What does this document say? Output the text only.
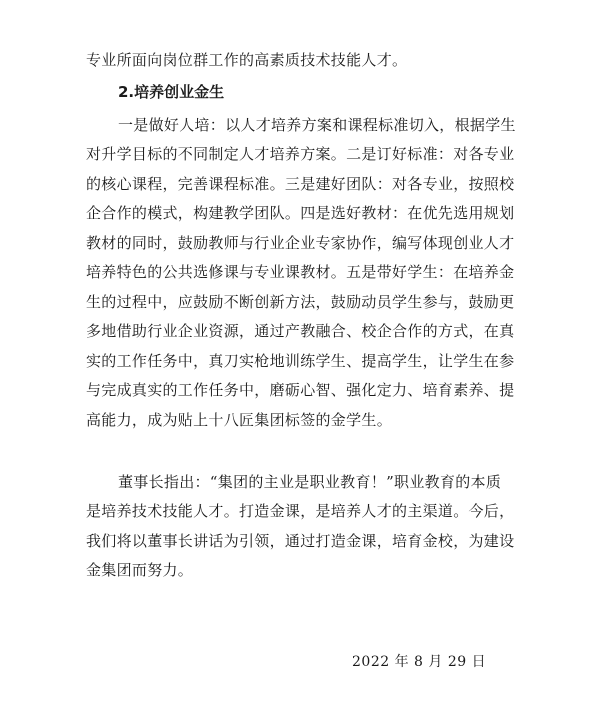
专业所面向岗位群工作的高素质技术技能人才。
2.培养创业金生
一是做好人培：以人才培养方案和课程标准切入，根据学生
对升学目标的不同制定人才培养方案。二是订好标准：对各专业
的核心课程，完善课程标准。三是建好团队：对各专业，按照校
企合作的模式，构建教学团队。四是选好教材：在优先选用规划
教材的同时，鼓励教师与行业企业专家协作，编写体现创业人才
培养特色的公共选修课与专业课教材。五是带好学生：在培养金
生的过程中，应鼓励不断创新方法，鼓励动员学生参与，鼓励更
多地借助行业企业资源，通过产教融合、校企合作的方式，在真
实的工作任务中，真刀实枪地训练学生、提高学生，让学生在参
与完成真实的工作任务中，磨砺心智、强化定力、培育素养、提
高能力，成为贴上十八匠集团标签的金学生。
董事长指出：“集团的主业是职业教育！”职业教育的本质
是培养技术技能人才。打造金课，是培养人才的主渠道。今后，
我们将以董事长讲话为引领，通过打造金课，培育金校，为建设
金集团而努力。
2022 年 8 月 29 日
